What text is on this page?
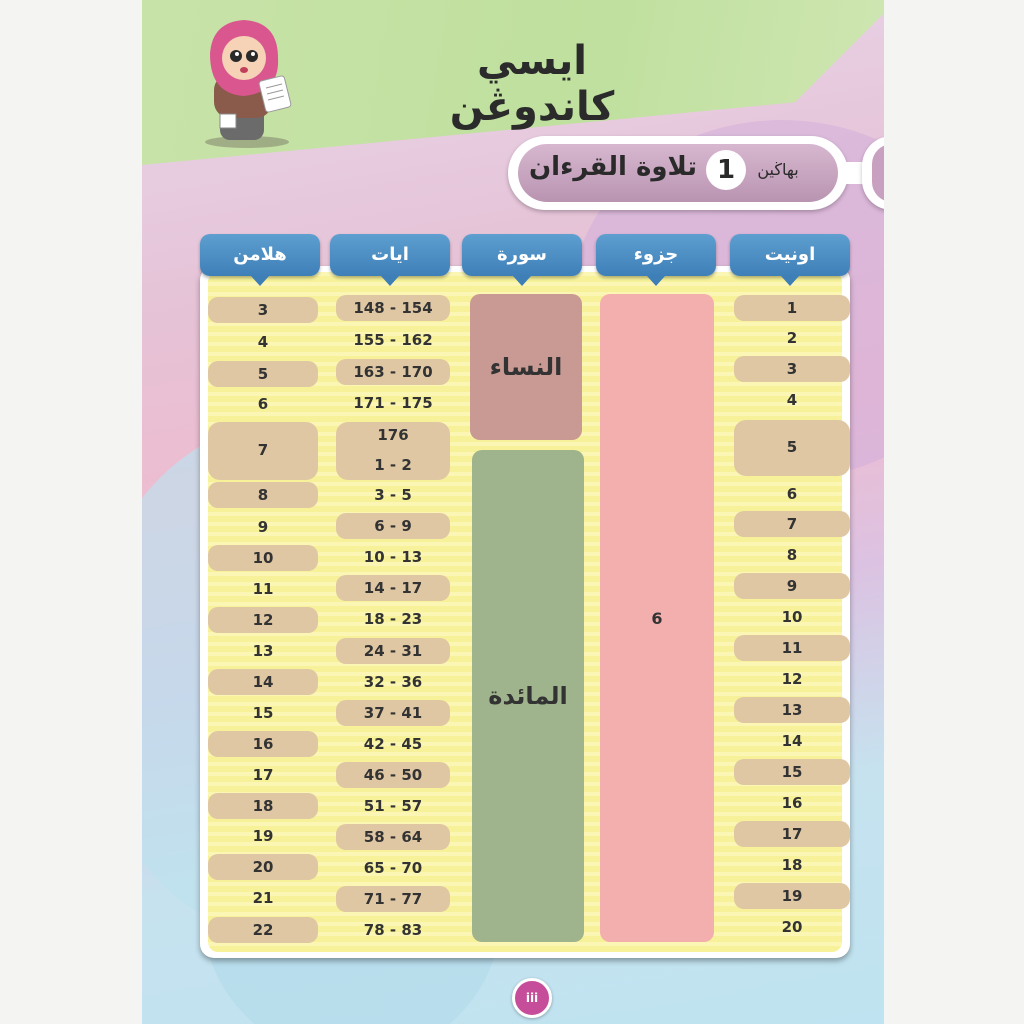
ايسي کاندوڠن
تلاوة القرءان 1	بهاڬين
اونيت
جزوء
سورة
ايات
هلامن
1
2
3
4
5
6
7
8
9
10
11
12
13
14
15
16
17
18
19
20
148 - 154
155 - 162
163 - 170
171 - 175
176
1 - 2
3 - 5
6 - 9
10 - 13
14 - 17
18 - 23
24 - 31
32 - 36
37 - 41
42 - 45
46 - 50
51 - 57
58 - 64
65 - 70
71 - 77
78 - 83
3
4
5
6
7
8
9
10
11
12
13
14
15
16
17
18
19
20
21
22
النساء
المائدة
6
iii
